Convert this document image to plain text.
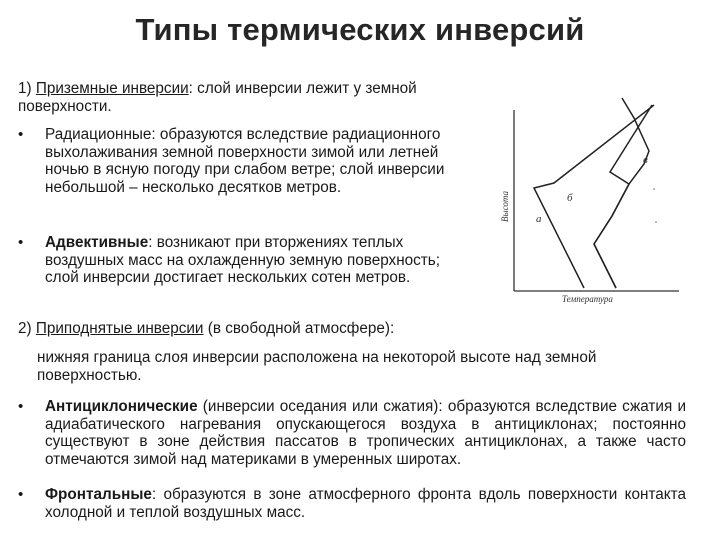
Типы термических инверсий
1) Приземные инверсии: слой инверсии лежит у земной поверхности.
• Радиационные: образуются вследствие радиационного выхолаживания земной поверхности зимой или летней ночью в ясную погоду при слабом ветре; слой инверсии небольшой – несколько десятков метров.
• Адвективные: возникают при вторжениях теплых воздушных масс на охлажденную земную поверхность; слой инверсии достигает нескольких сотен метров.
2) Приподнятые инверсии (в свободной атмосфере):
нижняя граница слоя инверсии расположена на некоторой высоте над земной поверхностью.
• Антициклонические (инверсии оседания или сжатия): образуются вследствие сжатия и адиабатического нагревания опускающегося воздуха в антициклонах; постоянно существуют в зоне действия пассатов в тропических антициклонах, а также часто отмечаются зимой над материками в умеренных широтах.
• Фронтальные: образуются в зоне атмосферного фронта вдоль поверхности контакта холодной и теплой воздушных масс.
Высота
Температура
а
б
в
